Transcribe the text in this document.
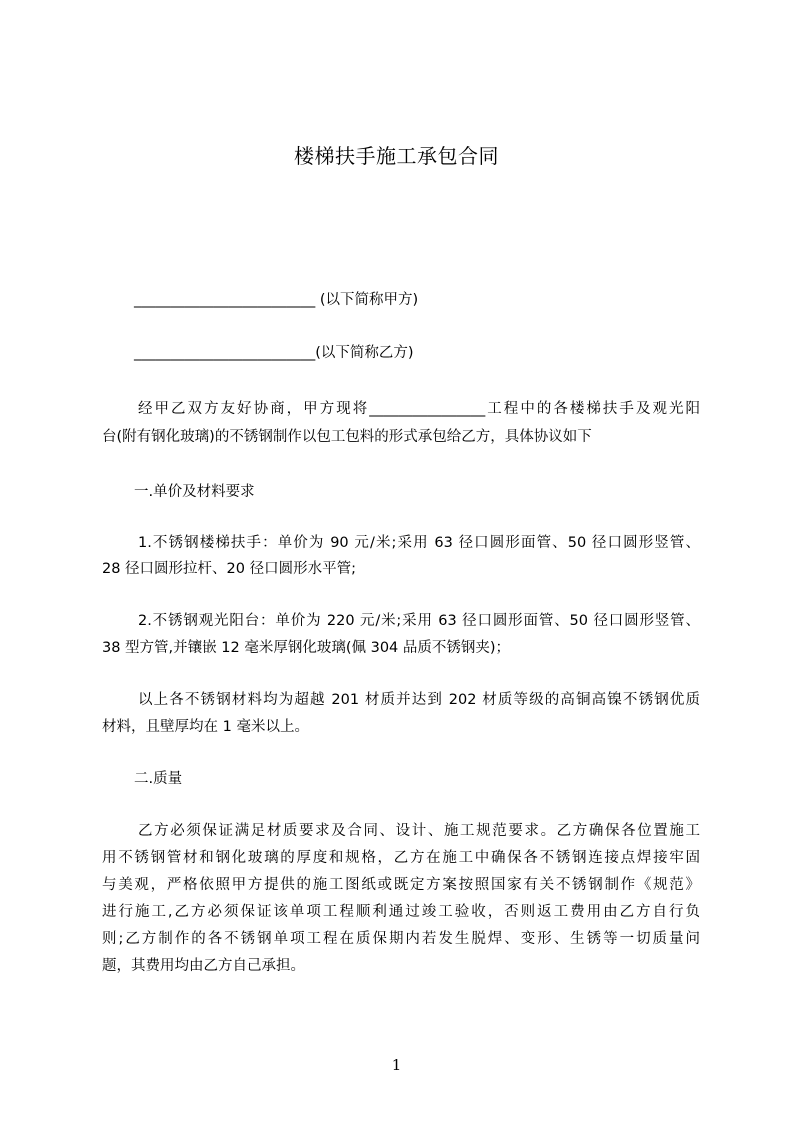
楼梯扶手施工承包合同
_________________________ (以下简称甲方)
_________________________(以下简称乙方)
经甲乙双方友好协商，甲方现将________________工程中的各楼梯扶手及观光阳
台(附有钢化玻璃)的不锈钢制作以包工包料的形式承包给乙方，具体协议如下
一.单价及材料要求
1.不锈钢楼梯扶手：单价为 90 元/米;采用 63 径口圆形面管、50 径口圆形竖管、
28 径口圆形拉杆、20 径口圆形水平管;
2.不锈钢观光阳台：单价为 220 元/米;采用 63 径口圆形面管、50 径口圆形竖管、
38 型方管,并镶嵌 12 毫米厚钢化玻璃(佩 304 品质不锈钢夹)；
以上各不锈钢材料均为超越 201 材质并达到 202 材质等级的高铜高镍不锈钢优质
材料，且壁厚均在 1 毫米以上。
二.质量
乙方必须保证满足材质要求及合同、设计、施工规范要求。乙方确保各位置施工
用不锈钢管材和钢化玻璃的厚度和规格，乙方在施工中确保各不锈钢连接点焊接牢固
与美观，严格依照甲方提供的施工图纸或既定方案按照国家有关不锈钢制作《规范》
进行施工,乙方必须保证该单项工程顺利通过竣工验收，否则返工费用由乙方自行负
则;乙方制作的各不锈钢单项工程在质保期内若发生脱焊、变形、生锈等一切质量问
题，其费用均由乙方自己承担。
1
